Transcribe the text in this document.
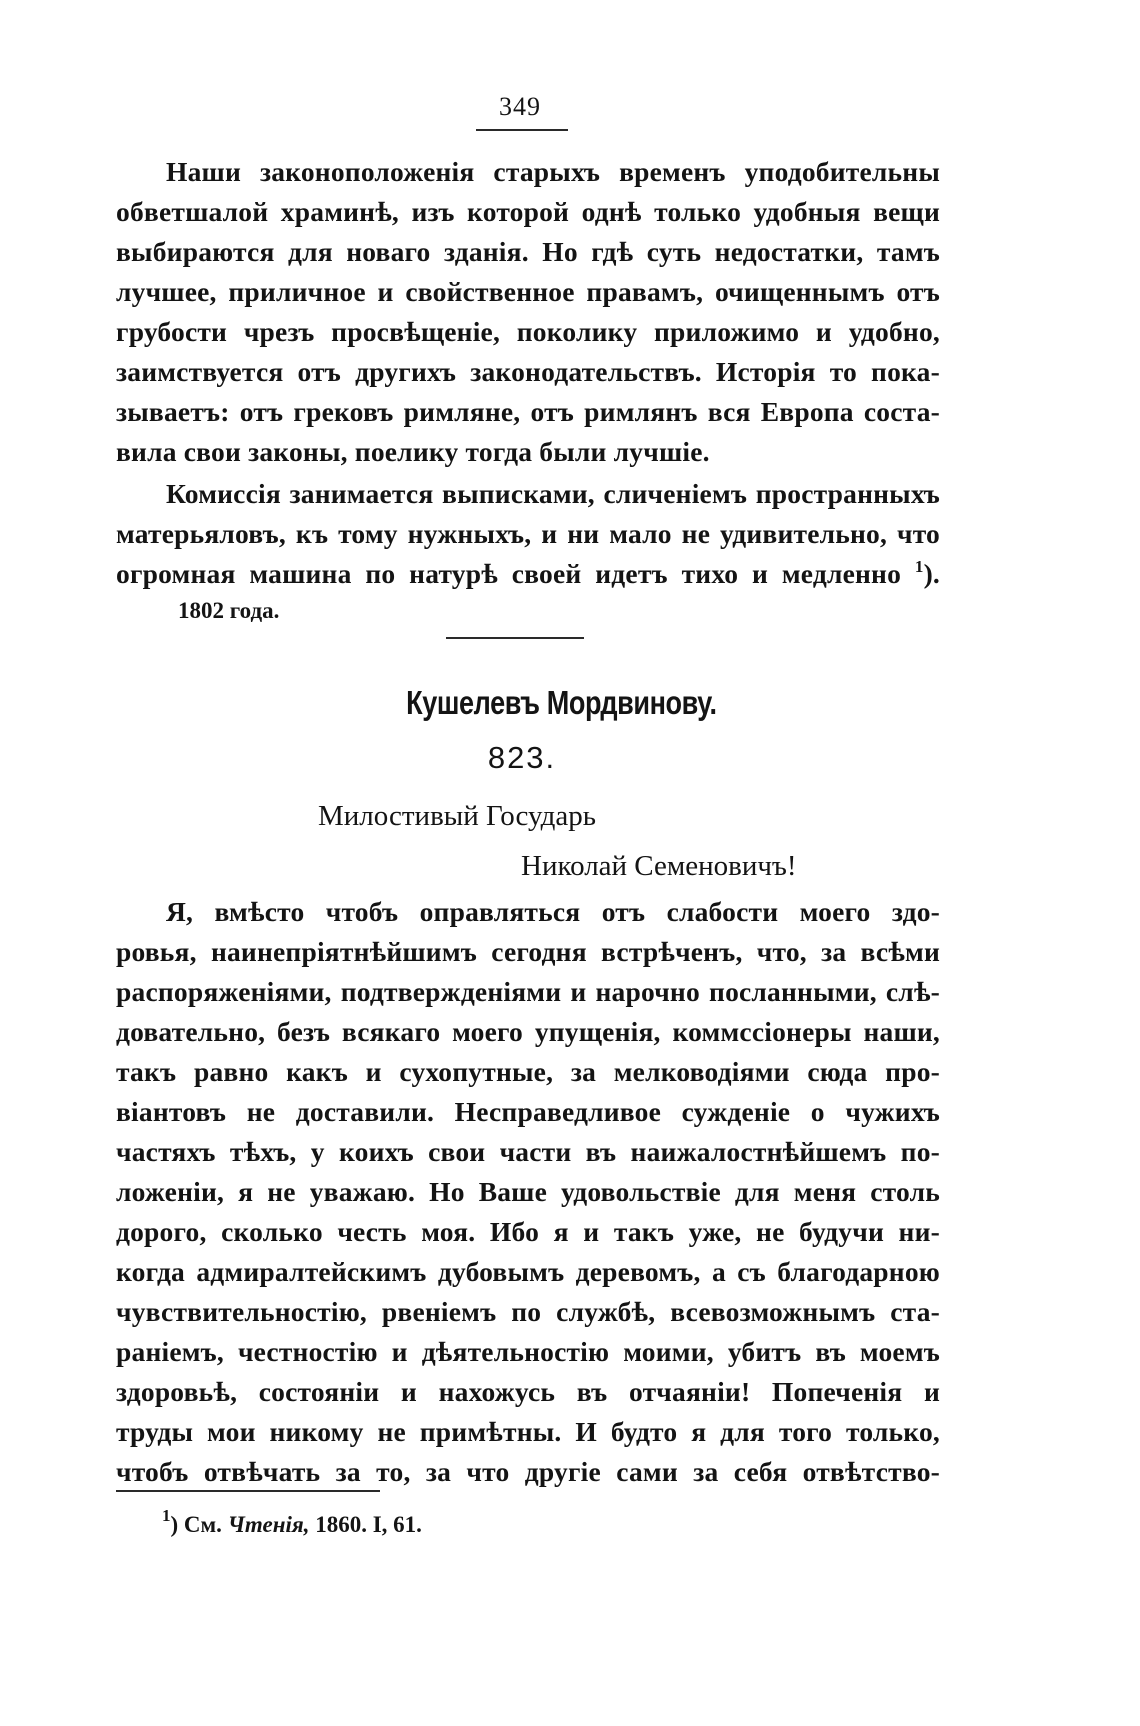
349
Наши законоположенія старыхъ временъ уподобительны
обветшалой храминѣ, изъ которой однѣ только удобныя вещи
выбираются для новаго зданія. Но гдѣ суть недостатки, тамъ
лучшее, приличное и свойственное правамъ, очищеннымъ отъ
грубости чрезъ просвѣщеніе, поколику приложимо и удобно,
заимствуется отъ другихъ законодательствъ. Исторія то пока-
зываетъ: отъ грековъ римляне, отъ римлянъ вся Европа соста-
вила свои законы, поелику тогда были лучшіе.
Комиссія занимается выписками, сличеніемъ пространныхъ
матерьяловъ, къ тому нужныхъ, и ни мало не удивительно, что
огромная машина по натурѣ своей идетъ тихо и медленно $^1$).
1802 года.
Кушелевъ Мордвинову.
823.
Милостивый Государь
Николай Семеновичъ!
Я, вмѣсто чтобъ оправляться отъ слабости моего здо-
ровья, наинепріятнѣйшимъ сегодня встрѣченъ, что, за всѣми
распоряженіями, подтвержденіями и нарочно посланными, слѣ-
довательно, безъ всякаго моего упущенія, коммссіонеры наши,
такъ равно какъ и сухопутные, за мелководіями сюда про-
віантовъ не доставили. Несправедливое сужденіе о чужихъ
частяхъ тѣхъ, у коихъ свои части въ наижалостнѣйшемъ по-
ложеніи, я не уважаю. Но Ваше удовольствіе для меня столь
дорого, сколько честь моя. Ибо я и такъ уже, не будучи ни-
когда адмиралтейскимъ дубовымъ деревомъ, а съ благодарною
чувствительностію, рвеніемъ по службѣ, всевозможнымъ ста-
раніемъ, честностію и дѣятельностію моими, убитъ въ моемъ
здоровьѣ, состояніи и нахожусь въ отчаяніи! Попеченія и
труды мои никому не примѣтны. И будто я для того только,
чтобъ отвѣчать за то, за что другіе сами за себя отвѣтство-
$^1$) См. Чтенія, 1860. I, 61.
